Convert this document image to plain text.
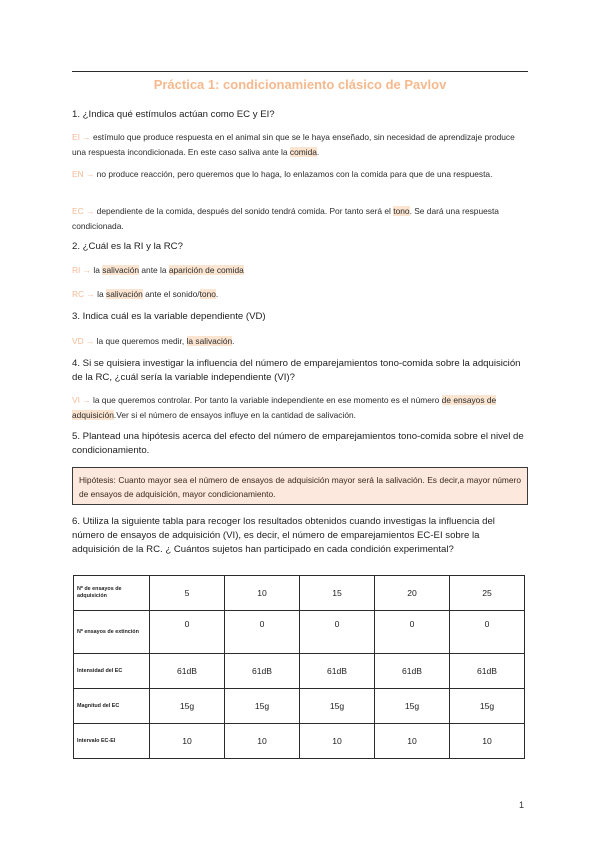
Práctica 1: condicionamiento clásico de Pavlov
1. ¿Indica qué estímulos actúan como EC y EI?
EI → estímulo que produce respuesta en el animal sin que se le haya enseñado, sin necesidad de aprendizaje produce una respuesta incondicionada. En este caso saliva ante la comida.
EN → no produce reacción, pero queremos que lo haga, lo enlazamos con la comida para que de una respuesta.
EC → dependiente de la comida, después del sonido tendrá comida. Por tanto será el tono. Se dará una respuesta condicionada.
2. ¿Cuál es la RI y la RC?
RI → la salivación ante la aparición de comida
RC → la salivación ante el sonido/tono.
3. Indica cuál es la variable dependiente (VD)
VD → la que queremos medir, la salivación.
4. Si se quisiera investigar la influencia del número de emparejamientos tono-comida sobre la adquisición de la RC, ¿cuál sería la variable independiente (VI)?
VI → la que queremos controlar. Por tanto la variable independiente en ese momento es el número de ensayos de adquisición.Ver si el número de ensayos influye en la cantidad de salivación.
5. Plantead una hipótesis acerca del efecto del número de emparejamientos tono-comida sobre el nivel de condicionamiento.
Hipótesis: Cuanto mayor sea el número de ensayos de adquisición mayor será la salivación. Es decir,a mayor número de ensayos de adquisición, mayor condicionamiento.
6. Utiliza la siguiente tabla para recoger los resultados obtenidos cuando investigas la influencia del número de ensayos de adquisición (VI), es decir, el número de emparejamientos EC-EI sobre la adquisición de la RC. ¿ Cuántos sujetos han participado en cada condición experimental?
Nº de ensayos de adquisición	5	10	15	20	25
Nº ensayos de extinción	0	0	0	0	0
Intensidad del EC	61dB	61dB	61dB	61dB	61dB
Magnitud del EC	15g	15g	15g	15g	15g
Intervalo EC-EI	10	10	10	10	10
1
